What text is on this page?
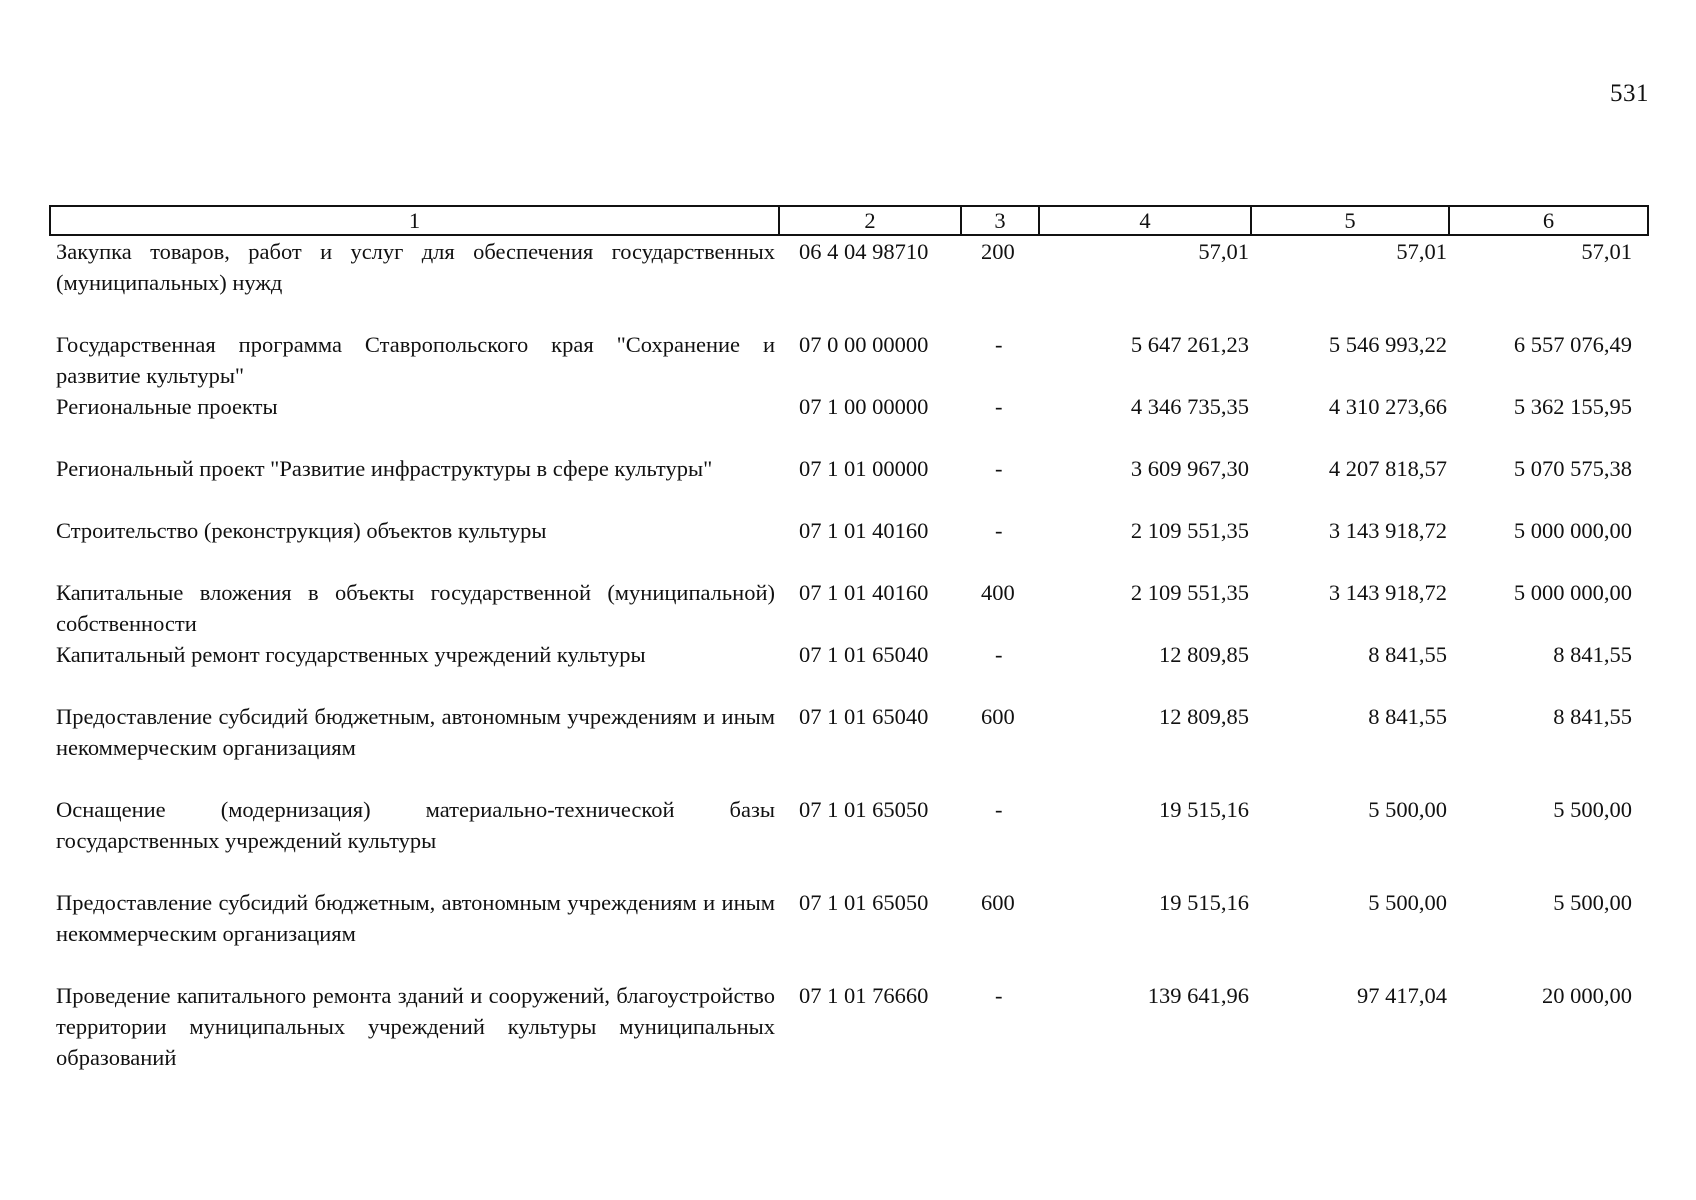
531
1	2	3	4	5	6
Закупка товаров, работ и услуг для обеспечения государственных (муниципальных) нужд	06 4 04 98710	200	57,01	57,01	57,01
Государственная программа Ставропольского края "Сохранение и развитие культуры"	07 0 00 00000	-	5 647 261,23	5 546 993,22	6 557 076,49
Региональные проекты	07 1 00 00000	-	4 346 735,35	4 310 273,66	5 362 155,95
Региональный проект "Развитие инфраструктуры в сфере культуры"	07 1 01 00000	-	3 609 967,30	4 207 818,57	5 070 575,38
Строительство (реконструкция) объектов культуры	07 1 01 40160	-	2 109 551,35	3 143 918,72	5 000 000,00
Капитальные вложения в объекты государственной (муниципальной) собственности	07 1 01 40160	400	2 109 551,35	3 143 918,72	5 000 000,00
Капитальный ремонт государственных учреждений культуры	07 1 01 65040	-	12 809,85	8 841,55	8 841,55
Предоставление субсидий бюджетным, автономным учреждениям и иным некоммерческим организациям	07 1 01 65040	600	12 809,85	8 841,55	8 841,55
Оснащение (модернизация) материально-технической базы государственных учреждений культуры	07 1 01 65050	-	19 515,16	5 500,00	5 500,00
Предоставление субсидий бюджетным, автономным учреждениям и иным некоммерческим организациям	07 1 01 65050	600	19 515,16	5 500,00	5 500,00
Проведение капитального ремонта зданий и сооружений, благоустройство территории муниципальных учреждений культуры муниципальных образований	07 1 01 76660	-	139 641,96	97 417,04	20 000,00
